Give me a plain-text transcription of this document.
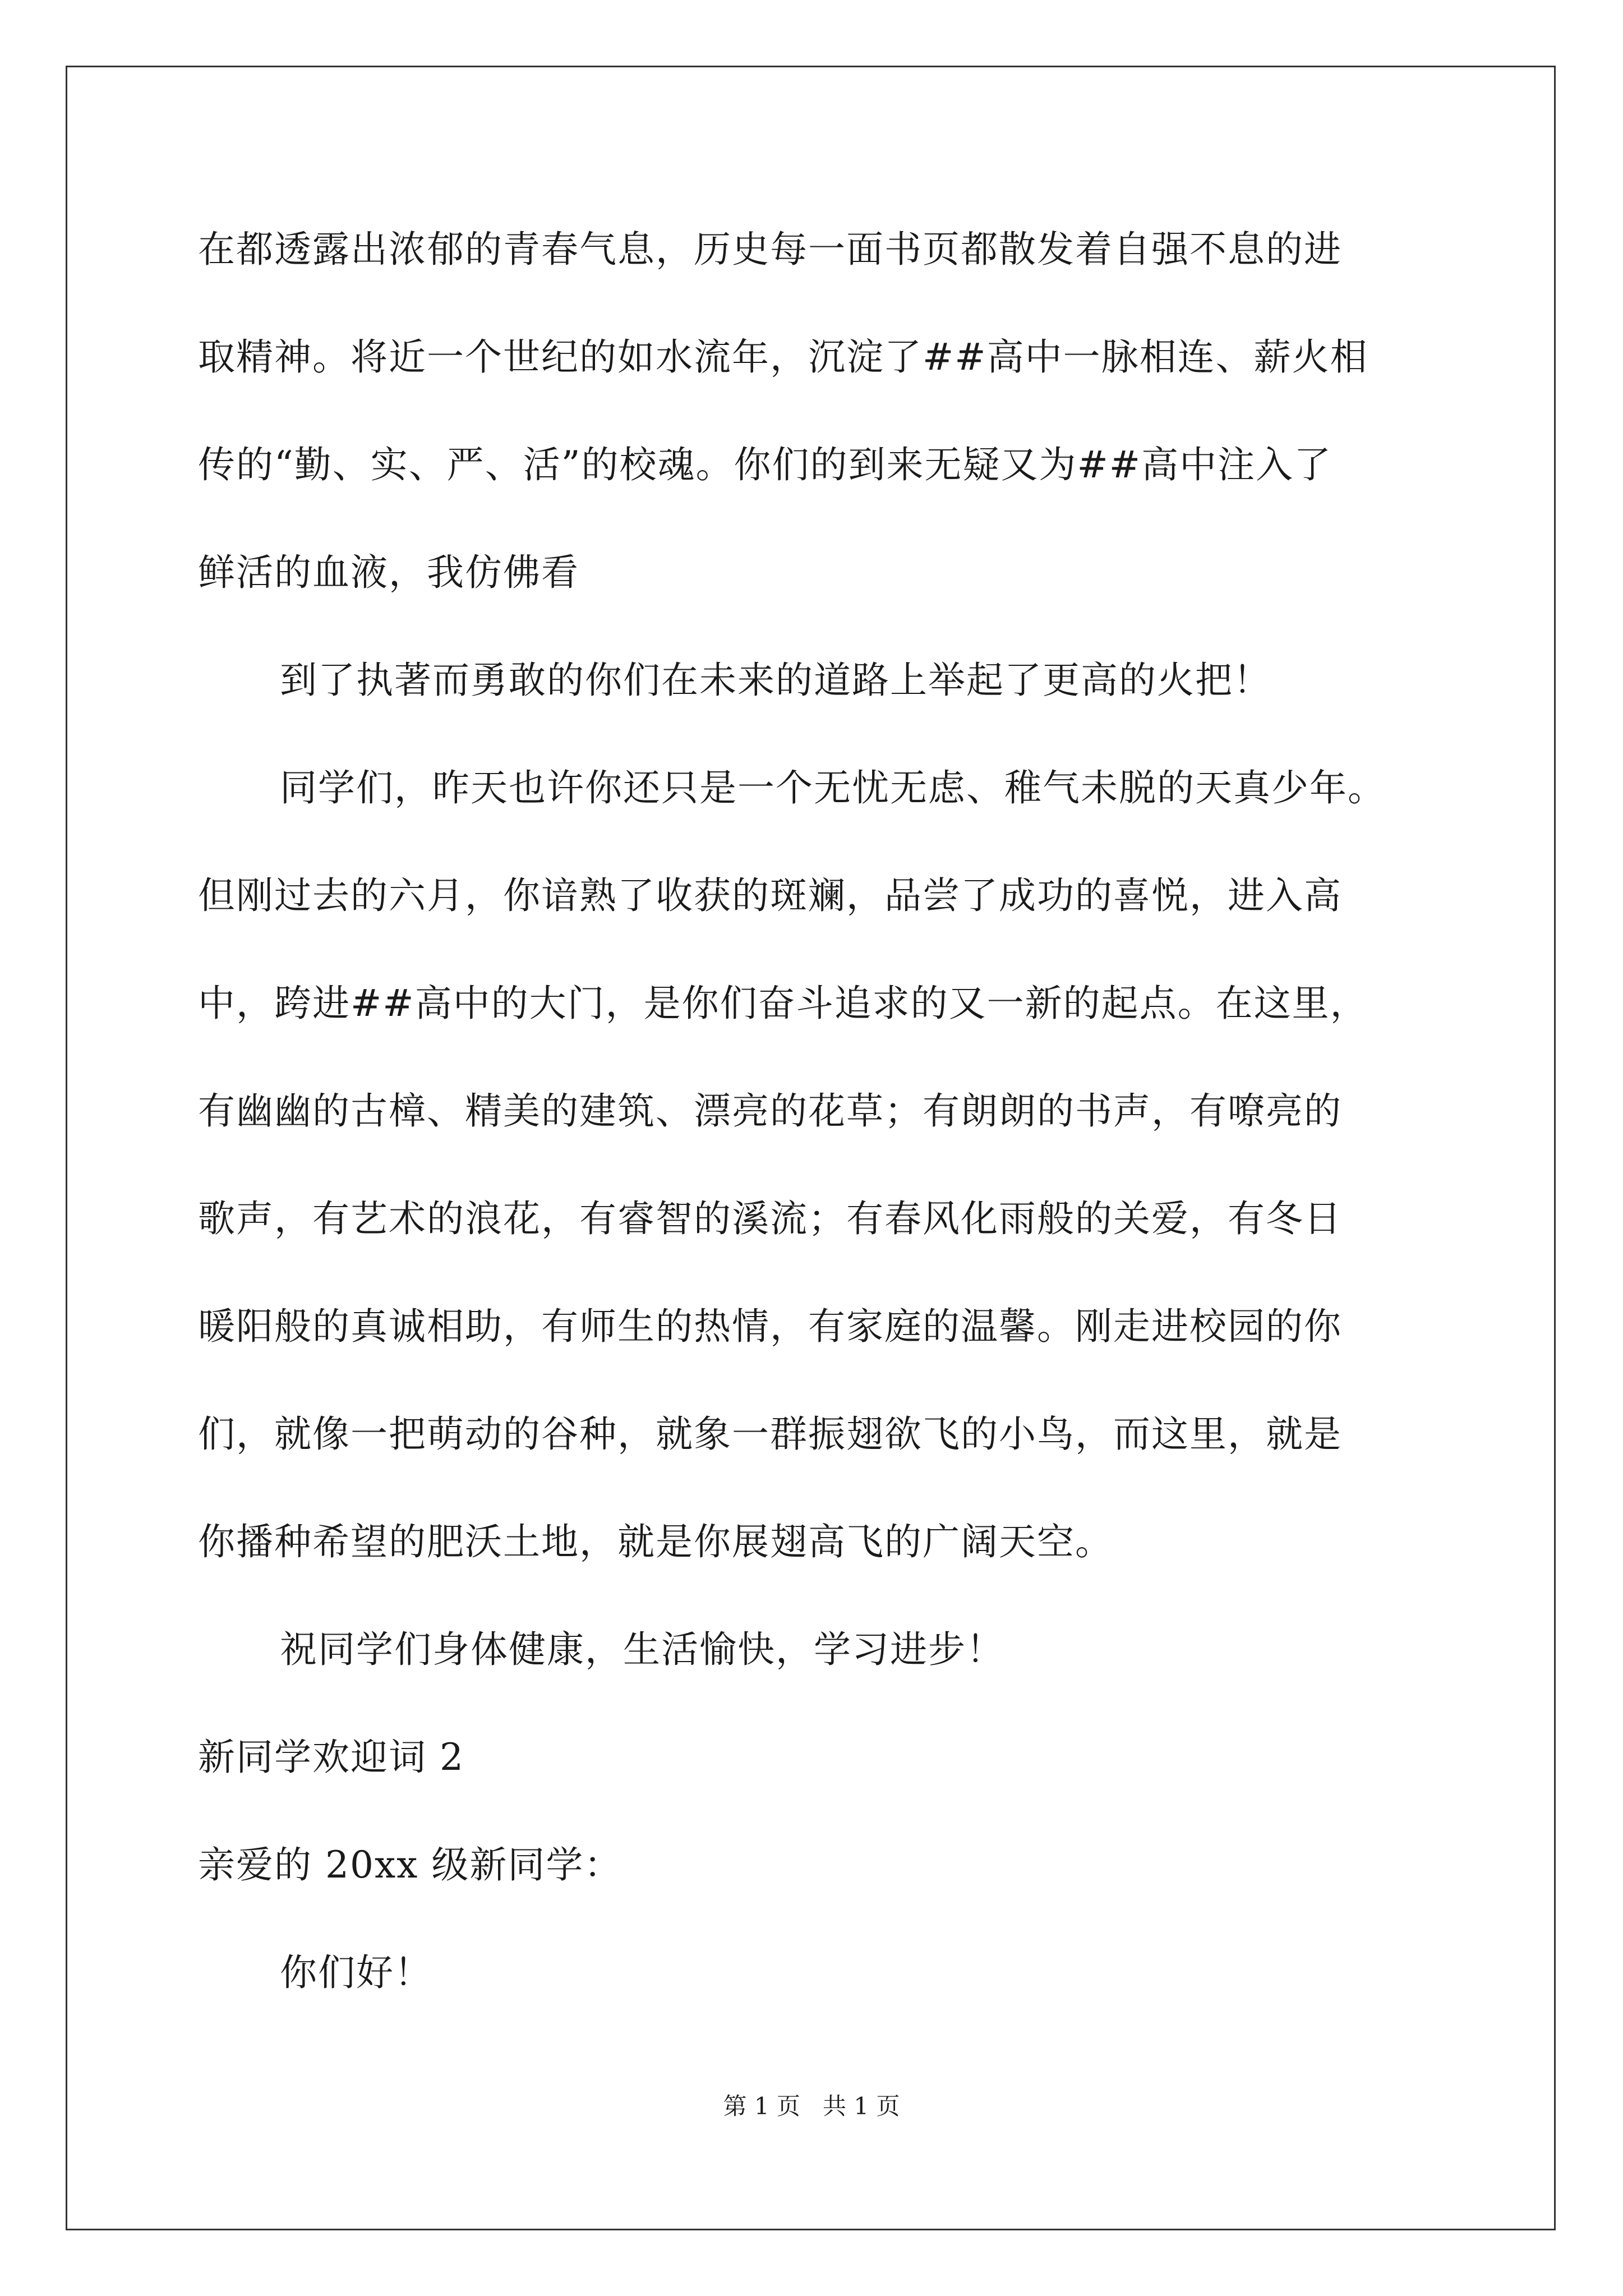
在都透露出浓郁的青春气息，历史每一面书页都散发着自强不息的进
取精神。将近一个世纪的如水流年，沉淀了##高中一脉相连、薪火相
传的“勤、实、严、活”的校魂。你们的到来无疑又为##高中注入了
鲜活的血液，我仿佛看
到了执著而勇敢的你们在未来的道路上举起了更高的火把！
同学们，昨天也许你还只是一个无忧无虑、稚气未脱的天真少年。
但刚过去的六月，你谙熟了收获的斑斓，品尝了成功的喜悦，进入高
中，跨进##高中的大门，是你们奋斗追求的又一新的起点。在这里，
有幽幽的古樟、精美的建筑、漂亮的花草；有朗朗的书声，有嘹亮的
歌声，有艺术的浪花，有睿智的溪流；有春风化雨般的关爱，有冬日
暖阳般的真诚相助，有师生的热情，有家庭的温馨。刚走进校园的你
们，就像一把萌动的谷种，就象一群振翅欲飞的小鸟，而这里，就是
你播种希望的肥沃土地，就是你展翅高飞的广阔天空。
祝同学们身体健康，生活愉快，学习进步！
新同学欢迎词 2
亲爱的 20xx 级新同学：
你们好！
第 1 页   共 1 页
